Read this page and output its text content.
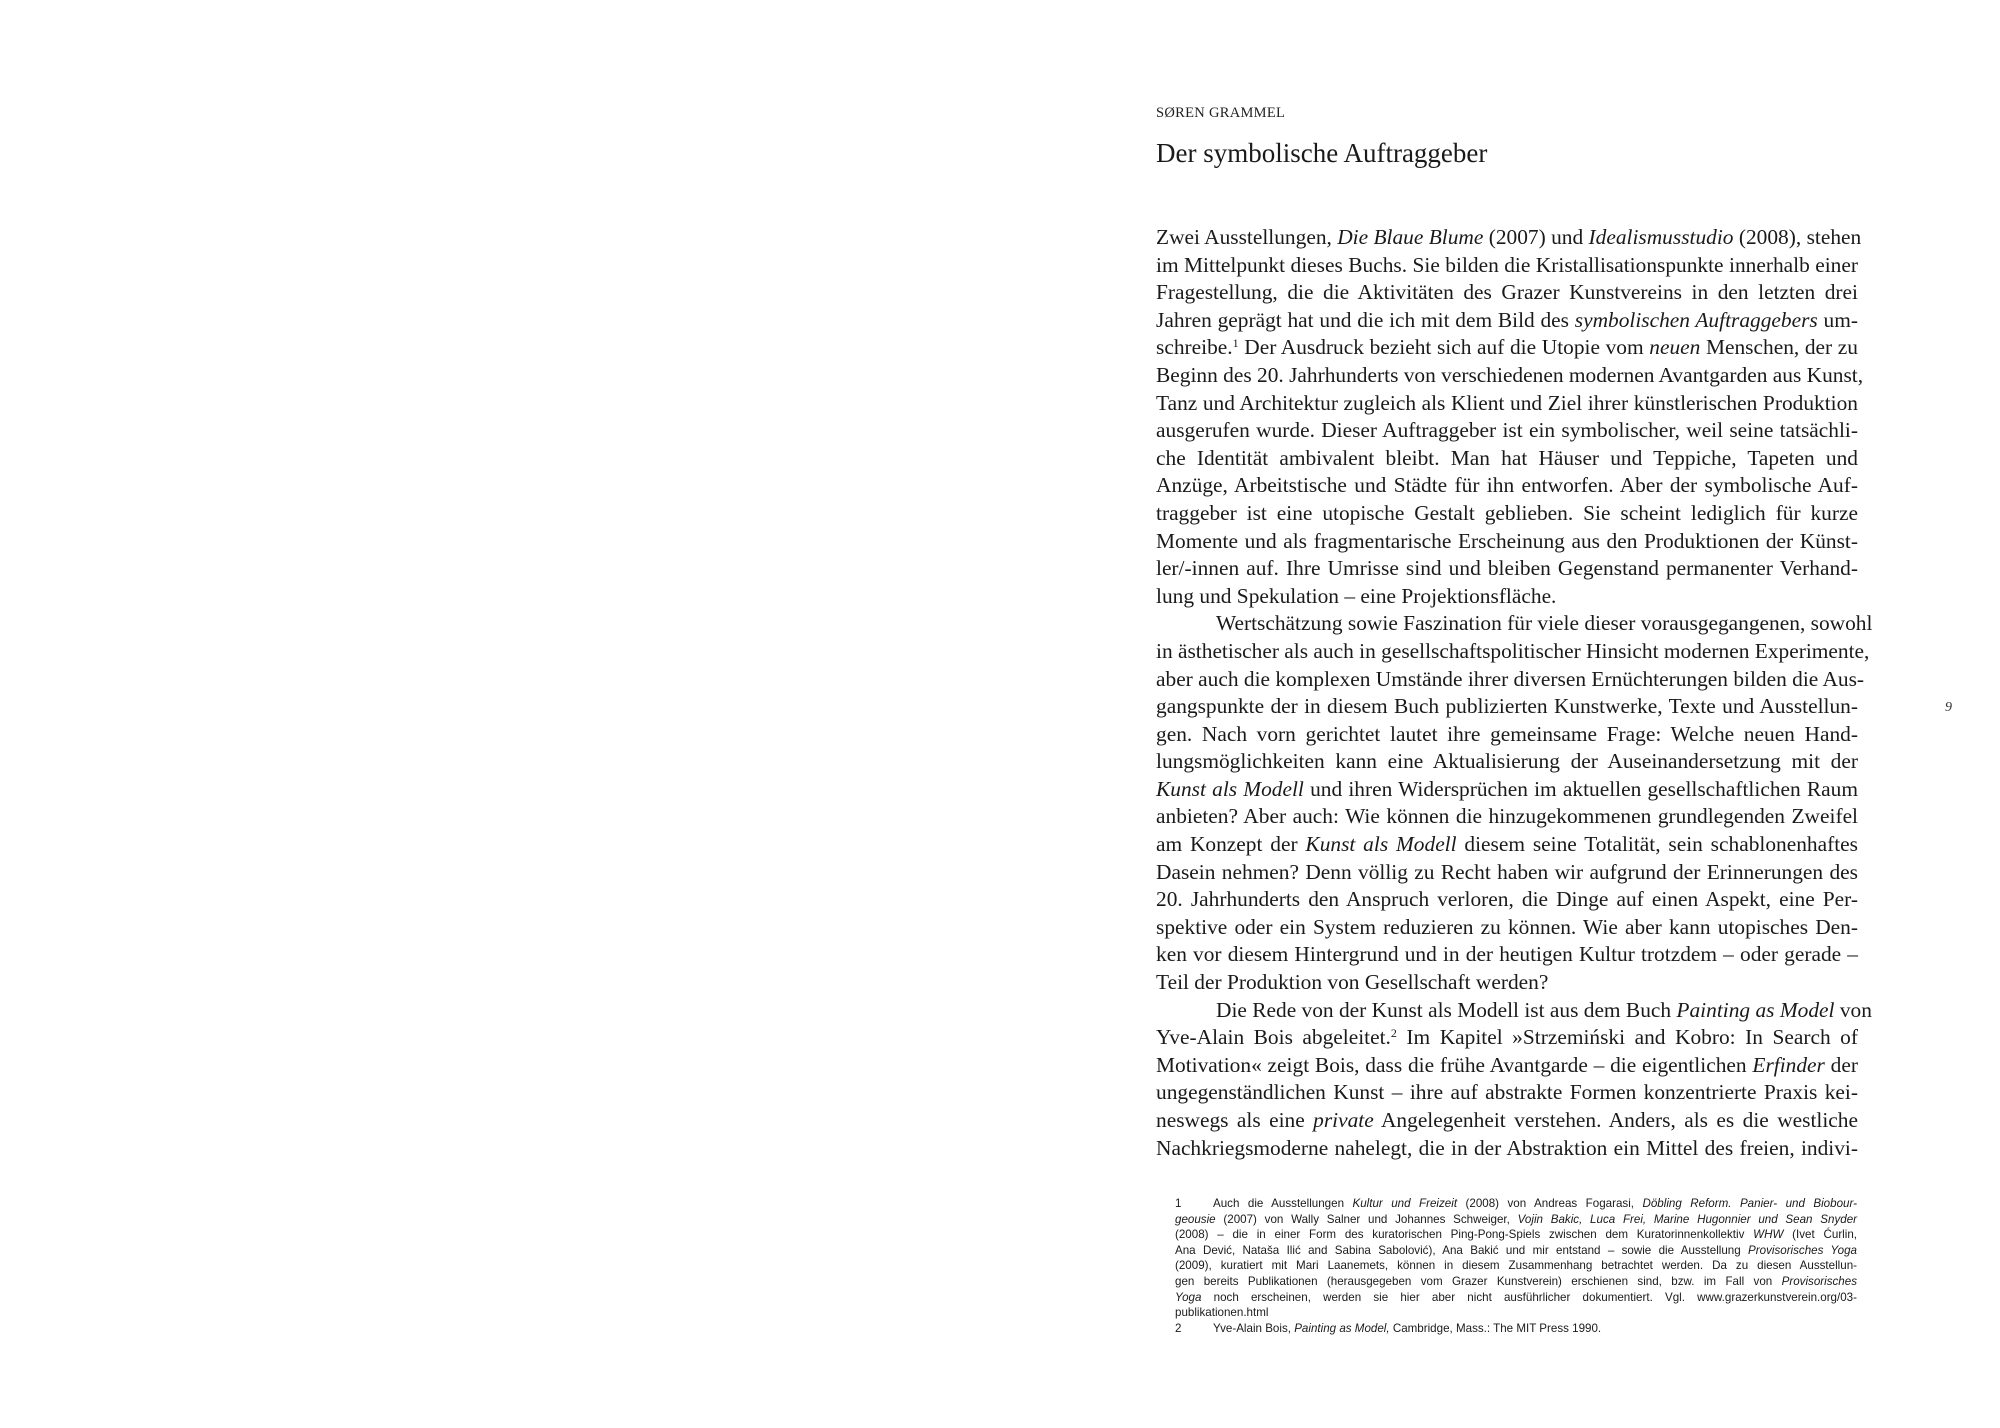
SØREN GRAMMEL
Der symbolische Auftraggeber
Zwei Ausstellungen, Die Blaue Blume (2007) und Idealismusstudio (2008), stehen
im Mittelpunkt dieses Buchs. Sie bilden die Kristallisationspunkte innerhalb einer
Fragestellung, die die Aktivitäten des Grazer Kunstvereins in den letzten drei
Jahren geprägt hat und die ich mit dem Bild des symbolischen Auftraggebers um-
schreibe.$^1$ Der Ausdruck bezieht sich auf die Utopie vom neuen Menschen, der zu
Beginn des 20. Jahrhunderts von verschiedenen modernen Avantgarden aus Kunst,
Tanz und Architektur zugleich als Klient und Ziel ihrer künstlerischen Produktion
ausgerufen wurde. Dieser Auftraggeber ist ein symbolischer, weil seine tatsächli-
che Identität ambivalent bleibt. Man hat Häuser und Teppiche, Tapeten und
Anzüge, Arbeitstische und Städte für ihn entworfen. Aber der symbolische Auf-
traggeber ist eine utopische Gestalt geblieben. Sie scheint lediglich für kurze
Momente und als fragmentarische Erscheinung aus den Produktionen der Künst-
ler/-innen auf. Ihre Umrisse sind und bleiben Gegenstand permanenter Verhand-
lung und Spekulation – eine Projektionsfläche.
Wertschätzung sowie Faszination für viele dieser vorausgegangenen, sowohl
in ästhetischer als auch in gesellschaftspolitischer Hinsicht modernen Experimente,
aber auch die komplexen Umstände ihrer diversen Ernüchterungen bilden die Aus-
gangspunkte der in diesem Buch publizierten Kunstwerke, Texte und Ausstellun-
gen. Nach vorn gerichtet lautet ihre gemeinsame Frage: Welche neuen Hand-
lungsmöglichkeiten kann eine Aktualisierung der Auseinandersetzung mit der
Kunst als Modell und ihren Widersprüchen im aktuellen gesellschaftlichen Raum
anbieten? Aber auch: Wie können die hinzugekommenen grundlegenden Zweifel
am Konzept der Kunst als Modell diesem seine Totalität, sein schablonenhaftes
Dasein nehmen? Denn völlig zu Recht haben wir aufgrund der Erinnerungen des
20. Jahrhunderts den Anspruch verloren, die Dinge auf einen Aspekt, eine Per-
spektive oder ein System reduzieren zu können. Wie aber kann utopisches Den-
ken vor diesem Hintergrund und in der heutigen Kultur trotzdem – oder gerade –
Teil der Produktion von Gesellschaft werden?
Die Rede von der Kunst als Modell ist aus dem Buch Painting as Model von
Yve-Alain Bois abgeleitet.$^2$ Im Kapitel »Strzemiński and Kobro: In Search of
Motivation« zeigt Bois, dass die frühe Avantgarde – die eigentlichen Erfinder der
ungegenständlichen Kunst – ihre auf abstrakte Formen konzentrierte Praxis kei-
neswegs als eine private Angelegenheit verstehen. Anders, als es die westliche
Nachkriegsmoderne nahelegt, die in der Abstraktion ein Mittel des freien, indivi-
1	Auch die Ausstellungen Kultur und Freizeit (2008) von Andreas Fogarasi, Döbling Reform. Panier- und Biobour-
geousie (2007) von Wally Salner und Johannes Schweiger, Vojin Bakic, Luca Frei, Marine Hugonnier und Sean Snyder
(2008) – die in einer Form des kuratorischen Ping-Pong-Spiels zwischen dem Kuratorinnenkollektiv WHW (Ivet Ćurlin,
Ana Dević, Nataša Ilić and Sabina Sabolović), Ana Bakić und mir entstand – sowie die Ausstellung Provisorisches Yoga
(2009), kuratiert mit Mari Laanemets, können in diesem Zusammenhang betrachtet werden. Da zu diesen Ausstellun-
gen bereits Publikationen (herausgegeben vom Grazer Kunstverein) erschienen sind, bzw. im Fall von Provisorisches
Yoga noch erscheinen, werden sie hier aber nicht ausführlicher dokumentiert. Vgl. www.grazerkunstverein.org/03-
publikationen.html
2	Yve-Alain Bois, Painting as Model, Cambridge, Mass.: The MIT Press 1990.
9
